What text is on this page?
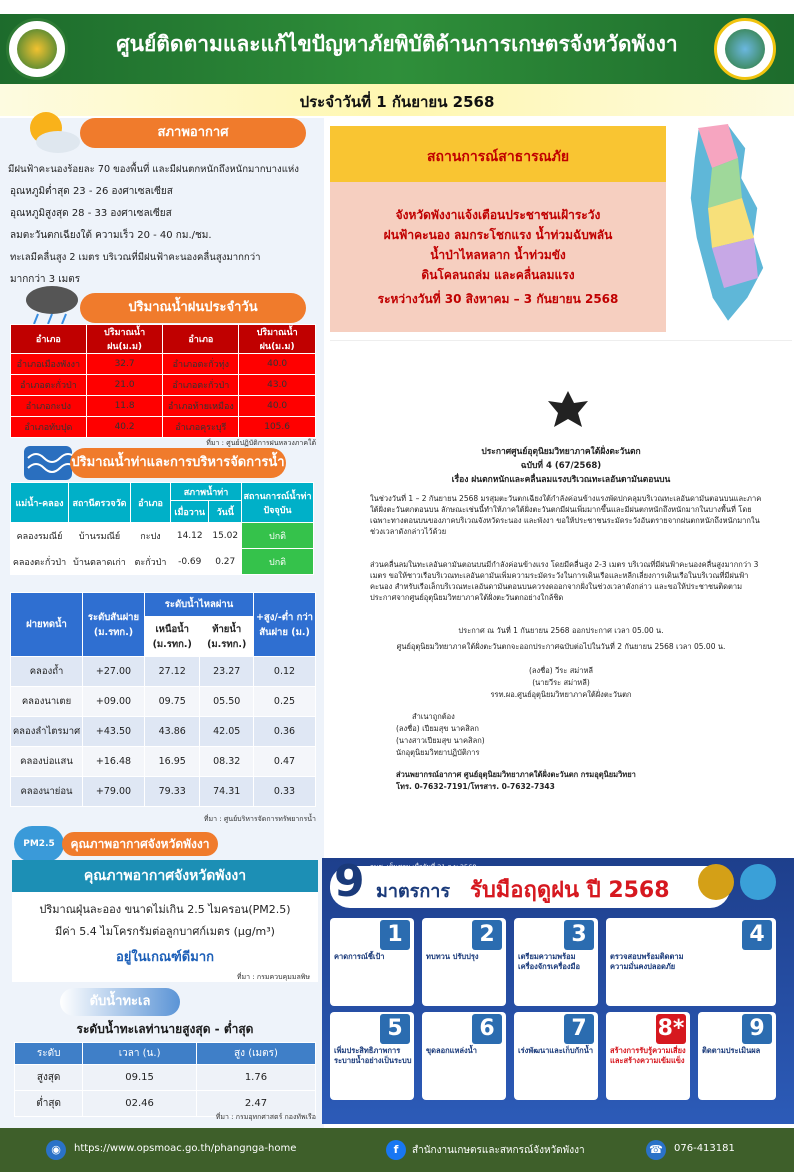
ศูนย์ติดตามและแก้ไขปัญหาภัยพิบัติด้านการเกษตรจังหวัดพังงา
ประจำวันที่ 1 กันยายน 2568
สภาพอากาศ
มีฝนฟ้าคะนองร้อยละ 70 ของพื้นที่ และมีฝนตกหนักถึงหนักมากบางแห่ง
อุณหภูมิต่ำสุด 23 - 26 องศาเซลเซียส
อุณหภูมิสูงสุด 28 - 33 องศาเซลเซียส
ลมตะวันตกเฉียงใต้ ความเร็ว 20 - 40 กม./ชม.
ทะเลมีคลื่นสูง 2 เมตร บริเวณที่มีฝนฟ้าคะนองคลื่นสูงมากกว่า
มากกว่า 3 เมตร
ปริมาณน้ำฝนประจำวัน
อำเภอ	ปริมาณน้ำฝน(ม.ม)	อำเภอ	ปริมาณน้ำฝน(ม.ม)
อำเภอเมืองพังงา	32.7	อำเภอตะกั่วทุ่ง	40.0
อำเภอตะกั่วป่า	21.0	อำเภอตะกั่วป่า	43.0
อำเภอกะปง	11.8	อำเภอท้ายเหมือง	40.0
อำเภอทับปุด	40.2	อำเภอคุระบุรี	105.6
ที่มา : ศูนย์ปฏิบัติการฝนหลวงภาคใต้
ปริมาณน้ำท่าและการบริหารจัดการน้ำ
แม่น้ำ-คลอง	สถานีตรวจวัด	อำเภอ	สภาพน้ำท่า		สถานการณ์น้ำท่า
ปัจจุบัน
			เมื่อวาน	วันนี้	
คลองรมณีย์	บ้านรมณีย์	กะปง	14.12	15.02	ปกติ
คลองตะกั่วป่า	บ้านตลาดเก่า	ตะกั่วป่า	-0.69	0.27	ปกติ
ฝายทดน้ำ	ระดับสันฝาย (ม.รทก.)	ระดับน้ำไหลผ่าน		+สูง/-ต่ำ กว่าสันฝาย (ม.)
		เหนือน้ำ (ม.รทก.)	ท้ายน้ำ (ม.รทก.)	
คลองถ้ำ	+27.00	27.12	23.27	0.12
คลองนาเตย	+09.00	09.75	05.50	0.25
คลองลำไตรมาศ	+43.50	43.86	42.05	0.36
คลองบ่อแสน	+16.48	16.95	08.32	0.47
คลองนาย่อน	+79.00	79.33	74.31	0.33
ที่มา : ศูนย์บริหารจัดการทรัพยากรน้ำ
PM2.5	คุณภาพอากาศจังหวัดพังงา
คุณภาพอากาศจังหวัดพังงา
ปริมาณฝุ่นละออง ขนาดไม่เกิน 2.5 ไมครอน(PM2.5)
มีค่า 5.4 ไมโครกรัมต่อลูกบาศก์เมตร (μg/m³)
อยู่ในเกณฑ์ดีมาก
ที่มา : กรมควบคุมมลพิษ
ดับน้ำทะเล
ระดับน้ำทะเลท่านายสูงสุด - ต่ำสุด
ระดับ	เวลา (น.)	สูง (เมตร)
สูงสุด	09.15	1.76
ต่ำสุด	02.46	2.47
ที่มา : กรมอุทกศาสตร์ กองทัพเรือ
สถานการณ์สาธารณภัย
จังหวัดพังงาแจ้งเตือนประชาชนเฝ้าระวัง
ฝนฟ้าคะนอง ลมกระโชกแรง น้ำท่วมฉับพลัน
น้ำป่าไหลหลาก น้ำท่วมขัง
ดินโคลนถล่ม และคลื่นลมแรง
ระหว่างวันที่ 30 สิงหาคม – 3 กันยายน 2568
ประกาศศูนย์อุตุนิยมวิทยาภาคใต้ฝั่งตะวันตก
ฉบับที่ 4 (67/2568)
เรื่อง ฝนตกหนักและคลื่นลมแรงบริเวณทะเลอันดามันตอนบน
ในช่วงวันที่ 1 – 2 กันยายน 2568 มรสุมตะวันตกเฉียงใต้กำลังค่อนข้างแรงพัดปกคลุมบริเวณทะเลอันดามันตอนบนและภาคใต้ฝั่งตะวันตกตอนบน ลักษณะเช่นนี้ทำให้ภาคใต้ฝั่งตะวันตกมีฝนเพิ่มมากขึ้นและมีฝนตกหนักถึงหนักมากในบางพื้นที่ โดยเฉพาะทางตอนบนของภาคบริเวณจังหวัดระนอง และพังงา ขอให้ประชาชนระมัดระวังอันตรายจากฝนตกหนักถึงหนักมากในช่วงเวลาดังกล่าวไว้ด้วย
ส่วนคลื่นลมในทะเลอันดามันตอนบนมีกำลังค่อนข้างแรง โดยมีคลื่นสูง 2-3 เมตร บริเวณที่มีฝนฟ้าคะนองคลื่นสูงมากกว่า 3 เมตร ขอให้ชาวเรือบริเวณทะเลอันดามันเพิ่มความระมัดระวังในการเดินเรือและหลีกเลี่ยงการเดินเรือในบริเวณที่มีฝนฟ้าคะนอง สำหรับเรือเล็กบริเวณทะเลอันดามันตอนบนควรงดออกจากฝั่งในช่วงเวลาดังกล่าว และขอให้ประชาชนติดตามประกาศจากศูนย์อุตุนิยมวิทยาภาคใต้ฝั่งตะวันตกอย่างใกล้ชิด
ประกาศ ณ วันที่ 1 กันยายน 2568 ออกประกาศ เวลา 05.00 น.
ศูนย์อุตุนิยมวิทยาภาคใต้ฝั่งตะวันตกจะออกประกาศฉบับต่อไปในวันที่ 2 กันยายน 2568 เวลา 05.00 น.
(ลงชื่อ) วีระ สม่าหลี
(นายวีระ สม่าหลี)
รรท.ผอ.ศูนย์อุตุนิยมวิทยาภาคใต้ฝั่งตะวันตก
สำเนาถูกต้อง
(ลงชื่อ) เปียมสุข นาคสิลก
(นางสาวเปียมสุข นาคสิลก)
นักอุตุนิยมวิทยาปฏิบัติการ
ส่วนพยากรณ์อากาศ ศูนย์อุตุนิยมวิทยาภาคใต้ฝั่งตะวันตก กรมอุตุนิยมวิทยา
โทร. 0-7632-7191/โทรสาร. 0-7632-7343
9 มาตรการ รับมือฤดูฝน ปี 2568
กนช. เห็นชอบ เมื่อวันที่ 21 ก.พ.2568
1
คาดการณ์ชี้เป้า
2
ทบทวน ปรับปรุง
3
เตรียมความพร้อมเครื่องจักรเครื่องมือ
4
ตรวจสอบพร้อมติดตามความมั่นคงปลอดภัย
5
เพิ่มประสิทธิภาพการระบายน้ำอย่างเป็นระบบ
6
ขุดลอกแหล่งน้ำ
7
เร่งพัฒนาและเก็บกักน้ำ
8*
สร้างการรับรู้ความเสี่ยงและสร้างความเข้มแข็ง
9
ติดตามประเมินผล
◉	https://www.opsmoac.go.th/phangnga-home	f	สำนักงานเกษตรและสหกรณ์จังหวัดพังงา	☎	076-413181
